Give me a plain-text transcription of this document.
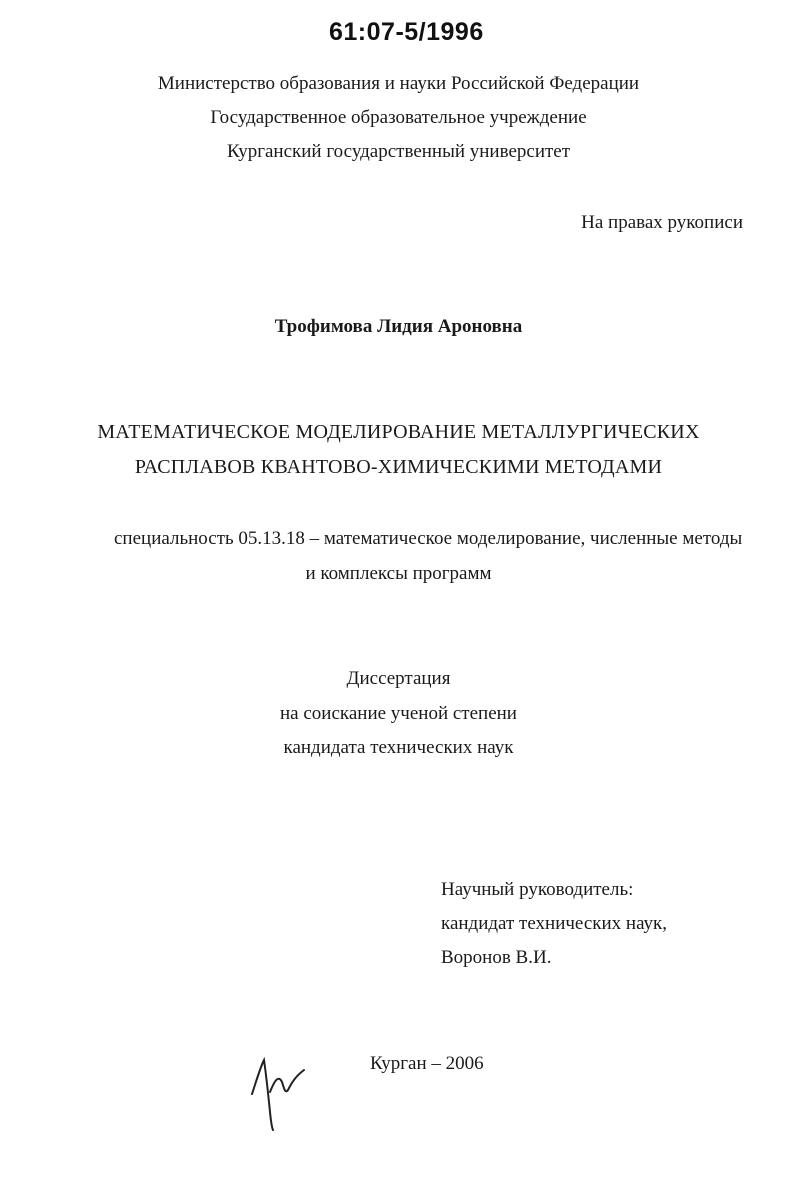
61:07-5/1996
Министерство образования и науки Российской Федерации
Государственное образовательное учреждение
Курганский государственный университет
На правах рукописи
Трофимова Лидия Ароновна
МАТЕМАТИЧЕСКОЕ МОДЕЛИРОВАНИЕ МЕТАЛЛУРГИЧЕСКИХ
РАСПЛАВОВ КВАНТОВО-ХИМИЧЕСКИМИ МЕТОДАМИ
специальность 05.13.18 – математическое моделирование, численные методы
и комплексы программ
Диссертация
на соискание ученой степени
кандидата технических наук
Научный руководитель:
кандидат технических наук,
Воронов В.И.
Курган – 2006
